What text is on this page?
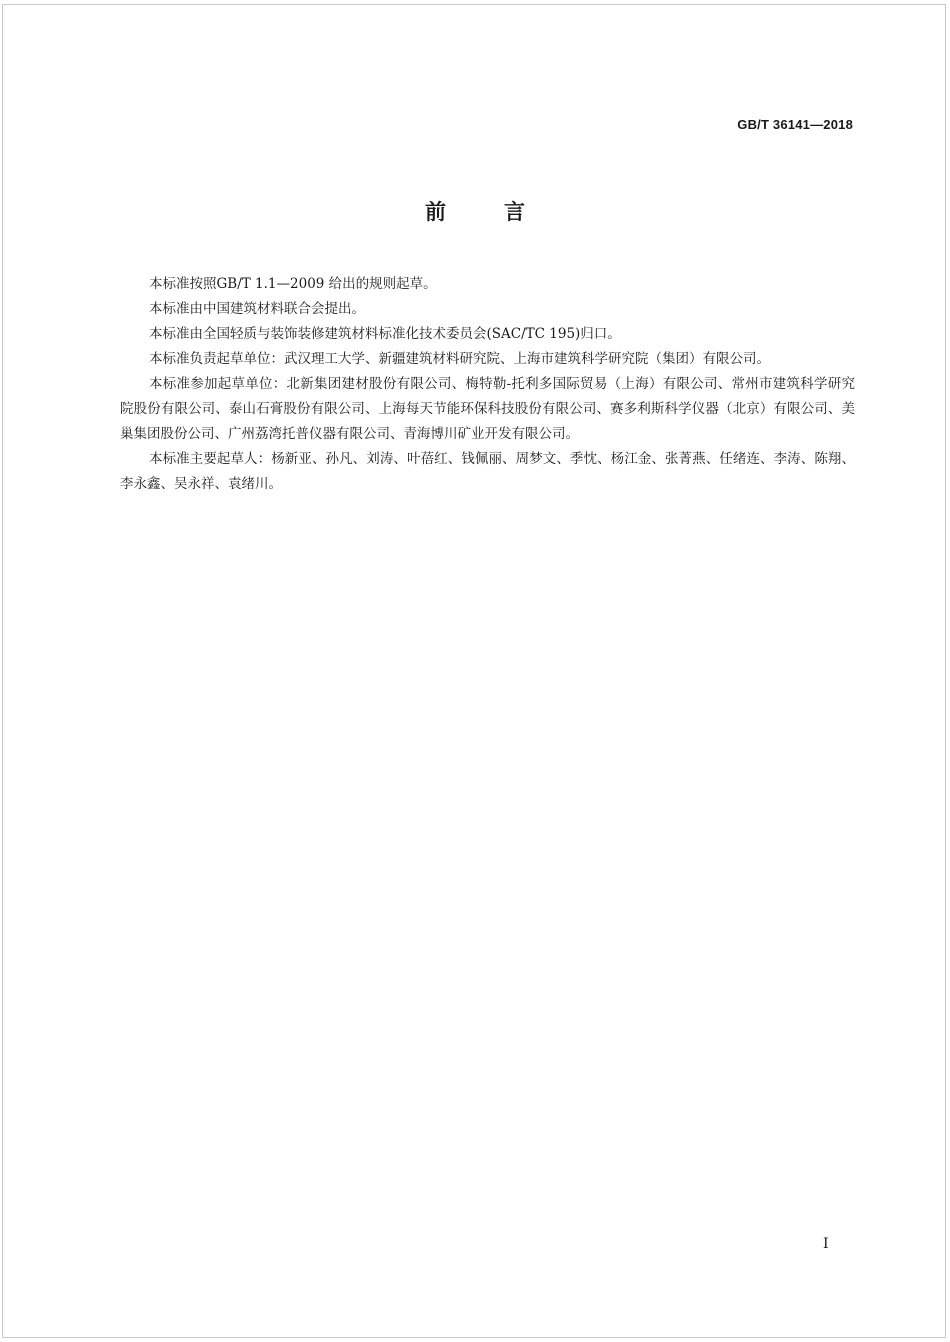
GB/T 36141—2018
前言

本标准按照GB/T 1.1—2009 给出的规则起草。

本标准由中国建筑材料联合会提出。

本标准由全国轻质与装饰装修建筑材料标准化技术委员会(SAC/TC 195)归口。

本标准负责起草单位：武汉理工大学、新疆建筑材料研究院、上海市建筑科学研究院（集团）有限公司。

本标准参加起草单位：北新集团建材股份有限公司、梅特勒-托利多国际贸易（上海）有限公司、常州市建筑科学研究院股份有限公司、泰山石膏股份有限公司、上海每天节能环保科技股份有限公司、赛多利斯科学仪器（北京）有限公司、美巢集团股份公司、广州荔湾托普仪器有限公司、青海博川矿业开发有限公司。

本标准主要起草人：杨新亚、孙凡、刘涛、叶蓓红、钱佩丽、周梦文、季忱、杨江金、张菁燕、任绪连、李涛、陈翔、李永鑫、吴永祥、袁绪川。

I
